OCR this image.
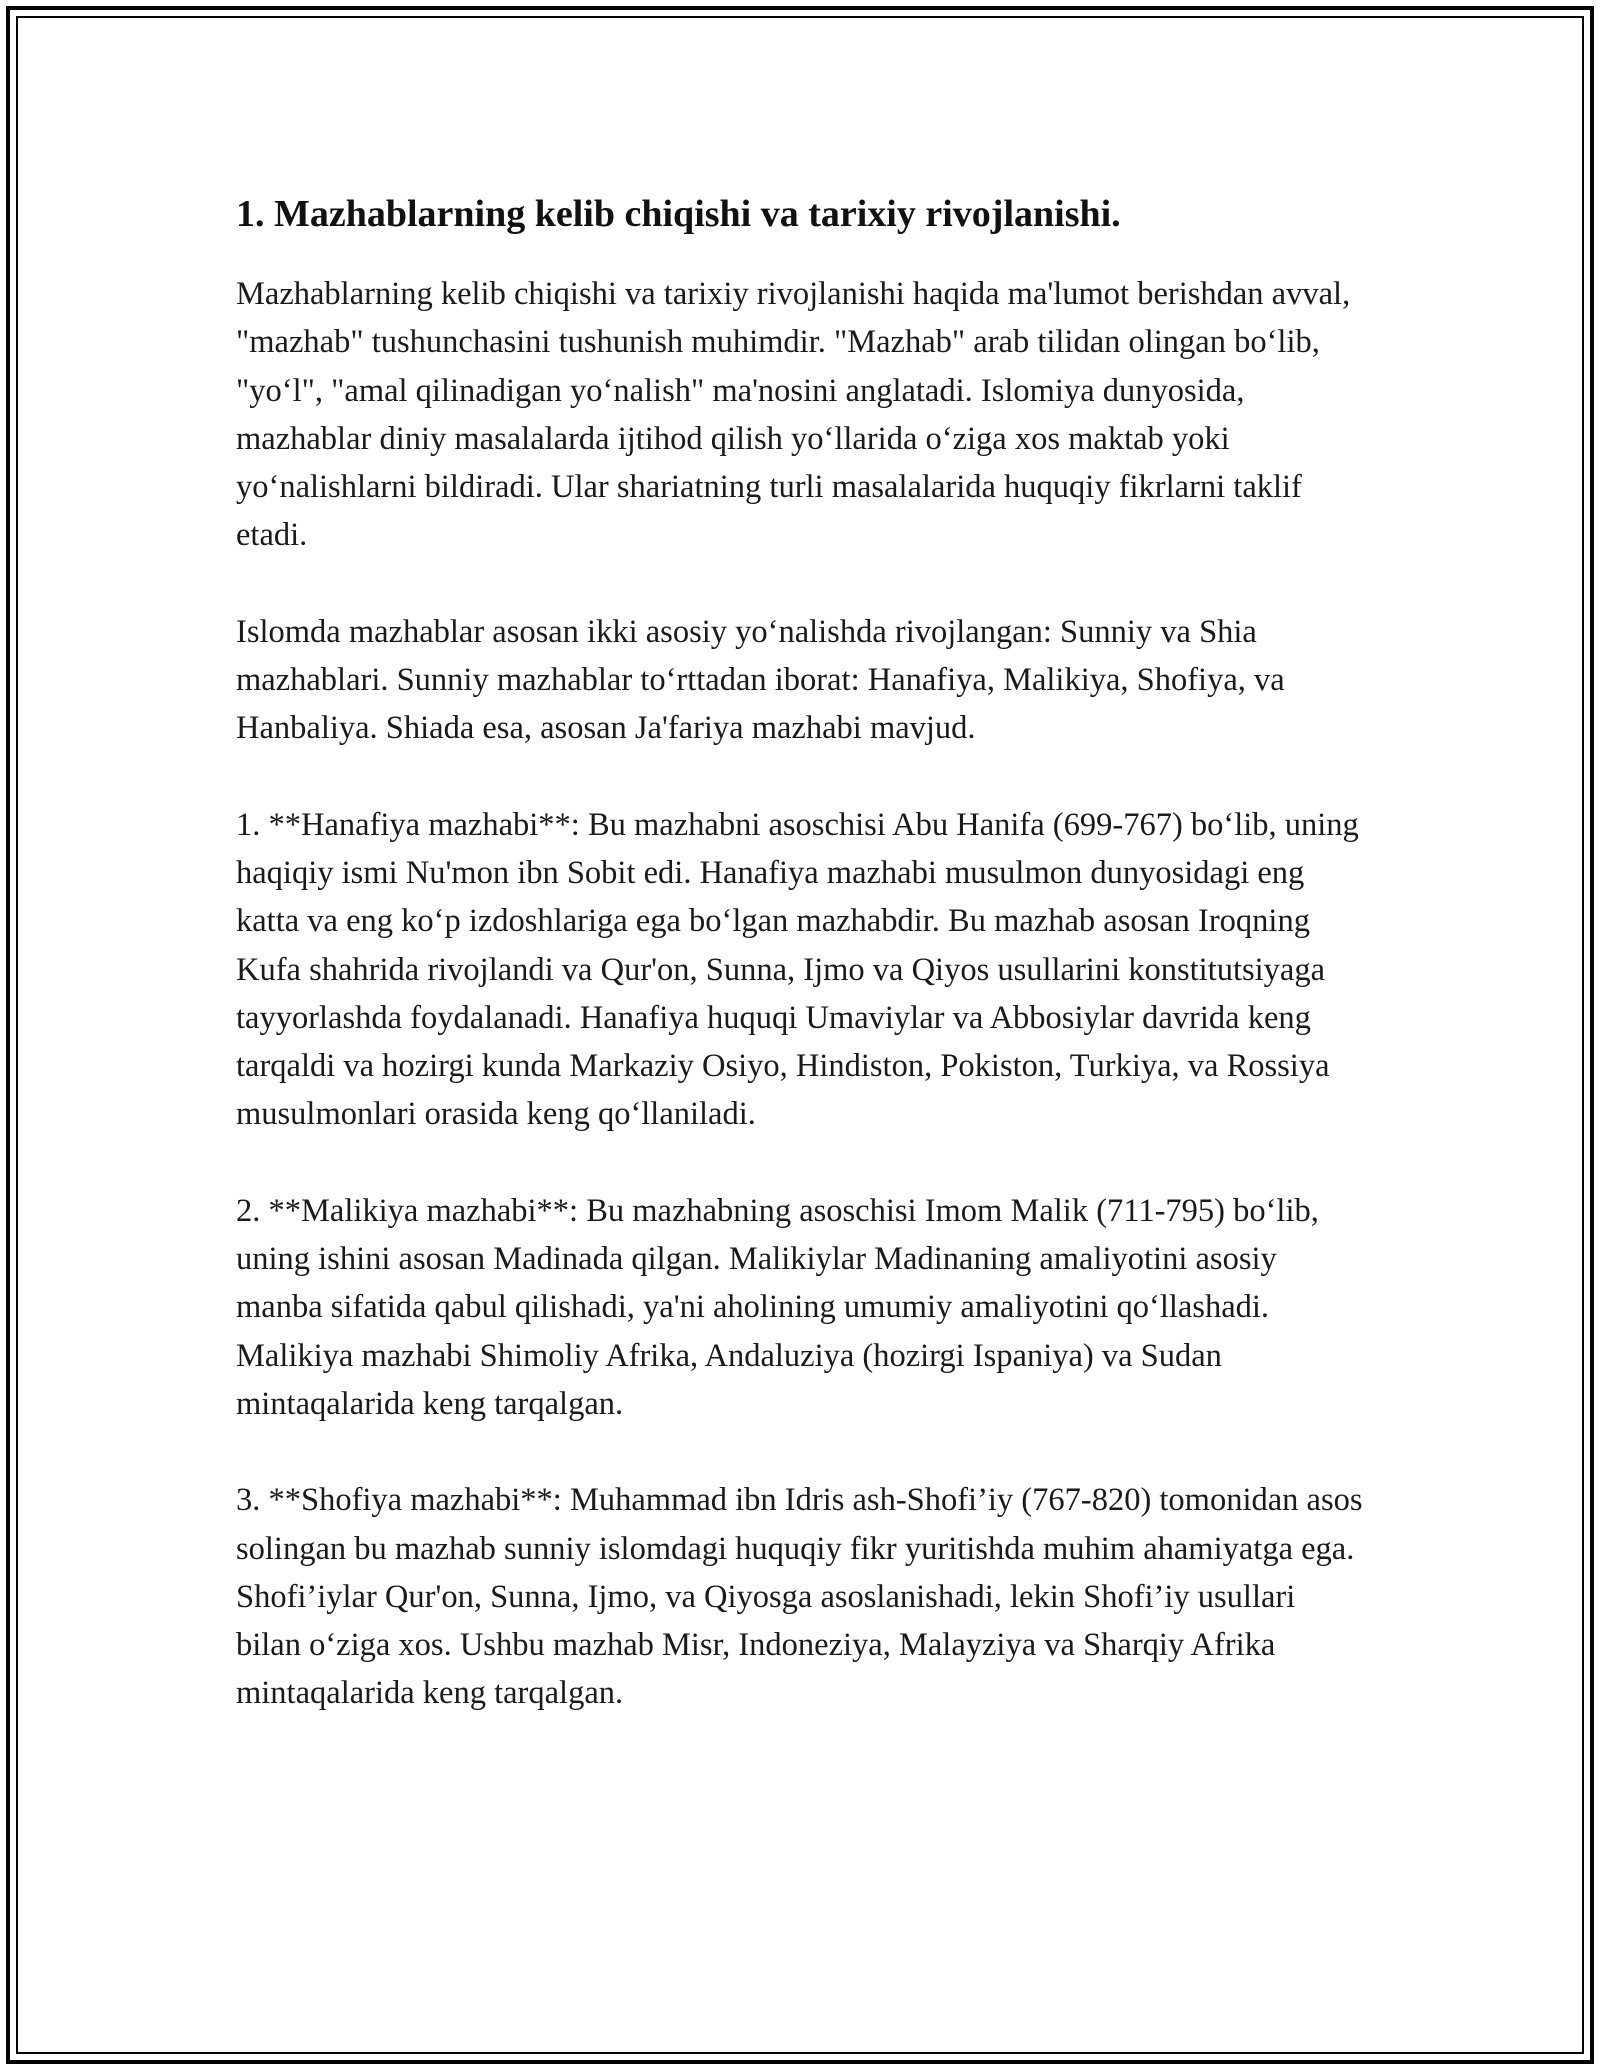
1. Mazhablarning kelib chiqishi va tarixiy rivojlanishi.

Mazhablarning kelib chiqishi va tarixiy rivojlanishi haqida ma'lumot berishdan avval, "mazhab" tushunchasini tushunish muhimdir. "Mazhab" arab tilidan olingan bo‘lib, "yo‘l", "amal qilinadigan yo‘nalish" ma'nosini anglatadi. Islomiya dunyosida, mazhablar diniy masalalarda ijtihod qilish yo‘llarida o‘ziga xos maktab yoki yo‘nalishlarni bildiradi. Ular shariatning turli masalalarida huquqiy fikrlarni taklif etadi.

Islomda mazhablar asosan ikki asosiy yo‘nalishda rivojlangan: Sunniy va Shia mazhablari. Sunniy mazhablar to‘rttadan iborat: Hanafiya, Malikiya, Shofiya, va Hanbaliya. Shiada esa, asosan Ja'fariya mazhabi mavjud.

1. **Hanafiya mazhabi**: Bu mazhabni asoschisi Abu Hanifa (699-767) bo‘lib, uning haqiqiy ismi Nu'mon ibn Sobit edi. Hanafiya mazhabi musulmon dunyosidagi eng katta va eng ko‘p izdoshlariga ega bo‘lgan mazhabdir. Bu mazhab asosan Iroqning Kufa shahrida rivojlandi va Qur'on, Sunna, Ijmo va Qiyos usullarini konstitutsiyaga tayyorlashda foydalanadi. Hanafiya huquqi Umaviylar va Abbosiylar davrida keng tarqaldi va hozirgi kunda Markaziy Osiyo, Hindiston, Pokiston, Turkiya, va Rossiya musulmonlari orasida keng qo‘llaniladi.

2. **Malikiya mazhabi**: Bu mazhabning asoschisi Imom Malik (711-795) bo‘lib, uning ishini asosan Madinada qilgan. Malikiylar Madinaning amaliyotini asosiy manba sifatida qabul qilishadi, ya'ni aholining umumiy amaliyotini qo‘llashadi. Malikiya mazhabi Shimoliy Afrika, Andaluziya (hozirgi Ispaniya) va Sudan mintaqalarida keng tarqalgan.

3. **Shofiya mazhabi**: Muhammad ibn Idris ash-Shofi’iy (767-820) tomonidan asos solingan bu mazhab sunniy islomdagi huquqiy fikr yuritishda muhim ahamiyatga ega. Shofi’iylar Qur'on, Sunna, Ijmo, va Qiyosga asoslanishadi, lekin Shofi’iy usullari bilan o‘ziga xos. Ushbu mazhab Misr, Indoneziya, Malayziya va Sharqiy Afrika mintaqalarida keng tarqalgan.
